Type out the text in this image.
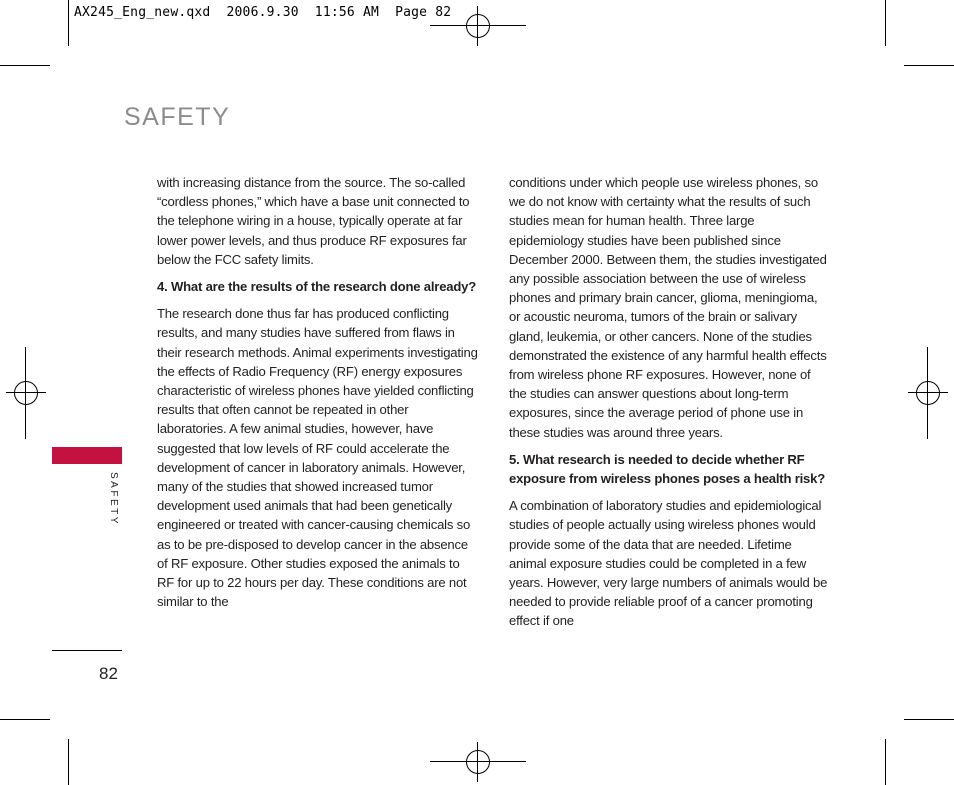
AX245_Eng_new.qxd  2006.9.30  11:56 AM  Page 82
SAFETY
SAFETY
82

with increasing distance from the source. The so-called “cordless phones,” which have a base unit connected to the telephone wiring in a house, typically operate at far lower power levels, and thus produce RF exposures far below the FCC safety limits.

4. What are the results of the research done already?

The research done thus far has produced conflicting results, and many studies have suffered from flaws in their research methods. Animal experiments investigating the effects of Radio Frequency (RF) energy exposures characteristic of wireless phones have yielded conflicting results that often cannot be repeated in other laboratories. A few animal studies, however, have suggested that low levels of RF could accelerate the development of cancer in laboratory animals. However, many of the studies that showed increased tumor development used animals that had been genetically engineered or treated with cancer-causing chemicals so as to be pre-disposed to develop cancer in the absence of RF exposure. Other studies exposed the animals to RF for up to 22 hours per day. These conditions are not similar to the

conditions under which people use wireless phones, so we do not know with certainty what the results of such studies mean for human health. Three large epidemiology studies have been published since December 2000. Between them, the studies investigated any possible association between the use of wireless phones and primary brain cancer, glioma, meningioma, or acoustic neuroma, tumors of the brain or salivary gland, leukemia, or other cancers. None of the studies demonstrated the existence of any harmful health effects from wireless phone RF exposures. However, none of the studies can answer questions about long-term exposures, since the average period of phone use in these studies was around three years.

5. What research is needed to decide whether RF exposure from wireless phones poses a health risk?

A combination of laboratory studies and epidemiological studies of people actually using wireless phones would provide some of the data that are needed. Lifetime animal exposure studies could be completed in a few years. However, very large numbers of animals would be needed to provide reliable proof of a cancer promoting effect if one
